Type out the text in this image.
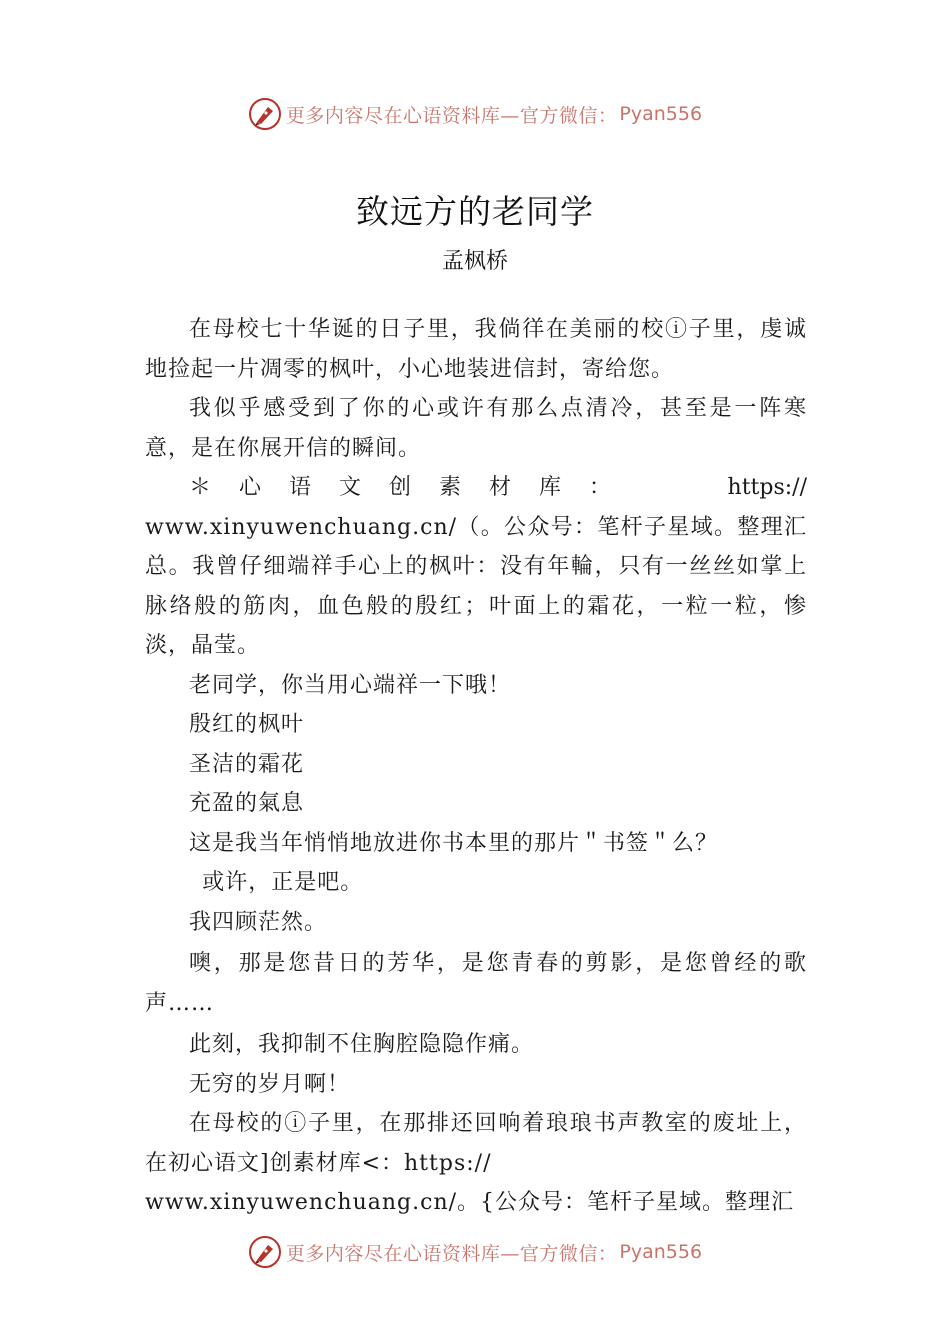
更多内容尽在心语资料库—官方微信： Pyan556
致远方的老同学
孟枫桥

在母校七十华诞的日子里，我倘徉在美丽的校ⓘ子里，虔诚地捡起一片凋零的枫叶，小心地装进信封，寄给您。

我似乎感受到了你的心或许有那么点清冷，甚至是一阵寒意，是在你展开信的瞬间。

＊心语文创素材库：	https://

www.xinyuwenchuang.cn/（。公众号：笔杆子星域。整理汇总。我曾仔细端祥手心上的枫叶：没有年輪，只有一丝丝如掌上脉络般的筋肉，血色般的殷红；叶面上的霜花，一粒一粒，惨淡，晶莹。

老同学，你当用心端祥一下哦！

殷红的枫叶

圣洁的霜花

充盈的氣息

这是我当年悄悄地放进你书本里的那片＂书签＂么？

或许，正是吧。

我四顾茫然。

噢，那是您昔日的芳华，是您青春的剪影，是您曾经的歌声……

此刻，我抑制不住胸腔隐隐作痛。

无穷的岁月啊！

在母校的ⓘ子里，在那排还回响着琅琅书声教室的废址上，在初心语文]创素材库<：https://

www.xinyuwenchuang.cn/。{公众号：笔杆子星域。整理汇

更多内容尽在心语资料库—官方微信： Pyan556
